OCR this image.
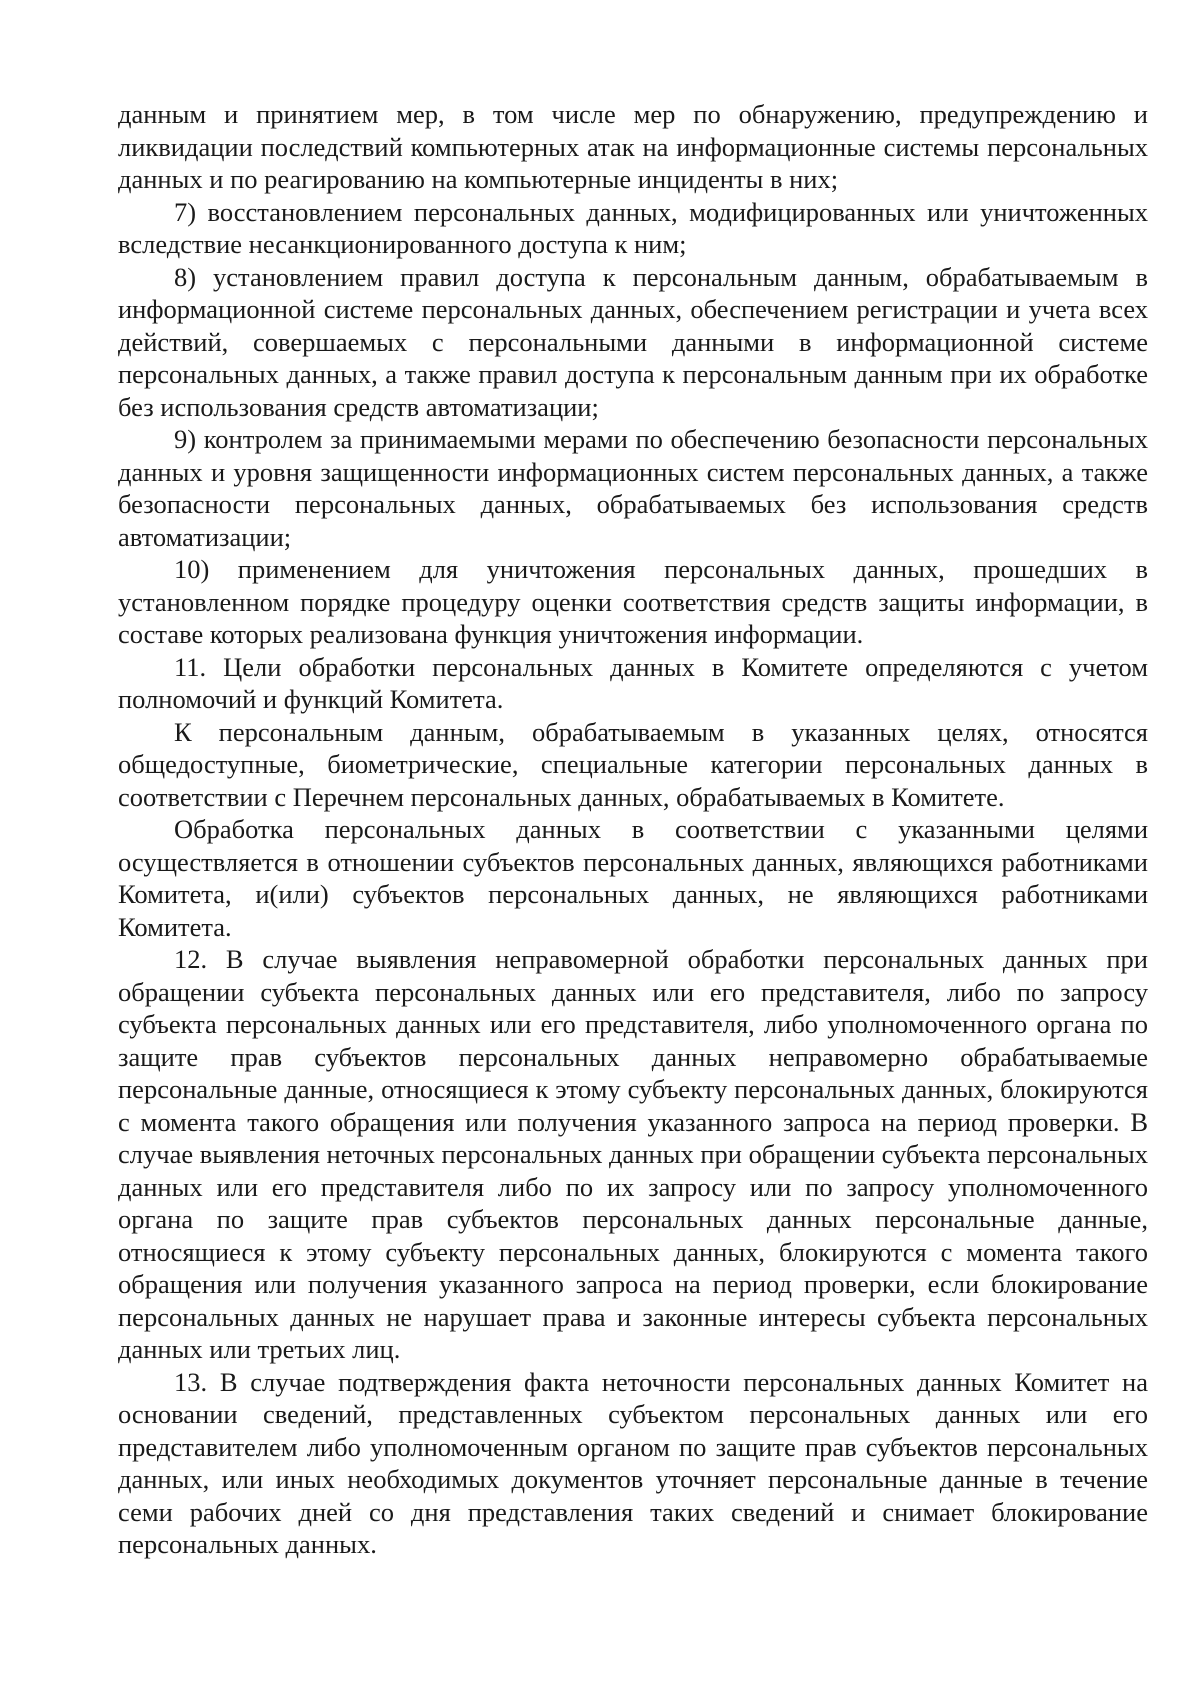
данным и принятием мер, в том числе мер по обнаружению, предупреждению и ликвидации последствий компьютерных атак на информационные системы персональных данных и по реагированию на компьютерные инциденты в них;

7) восстановлением персональных данных, модифицированных или уничтоженных вследствие несанкционированного доступа к ним;

8) установлением правил доступа к персональным данным, обрабатываемым в информационной системе персональных данных, обеспечением регистрации и учета всех действий, совершаемых с персональными данными в информационной системе персональных данных, а также правил доступа к персональным данным при их обработке без использования средств автоматизации;

9) контролем за принимаемыми мерами по обеспечению безопасности персональных данных и уровня защищенности информационных систем персональных данных, а также безопасности персональных данных, обрабатываемых без использования средств автоматизации;

10) применением для уничтожения персональных данных, прошедших в установленном порядке процедуру оценки соответствия средств защиты информации, в составе которых реализована функция уничтожения информации.

11. Цели обработки персональных данных в Комитете определяются с учетом полномочий и функций Комитета.

К персональным данным, обрабатываемым в указанных целях, относятся общедоступные, биометрические, специальные категории персональных данных в соответствии с Перечнем персональных данных, обрабатываемых в Комитете.

Обработка персональных данных в соответствии с указанными целями осуществляется в отношении субъектов персональных данных, являющихся работниками Комитета, и(или) субъектов персональных данных, не являющихся работниками Комитета.

12. В случае выявления неправомерной обработки персональных данных при обращении субъекта персональных данных или его представителя, либо по запросу субъекта персональных данных или его представителя, либо уполномоченного органа по защите прав субъектов персональных данных неправомерно обрабатываемые персональные данные, относящиеся к этому субъекту персональных данных, блокируются с момента такого обращения или получения указанного запроса на период проверки. В случае выявления неточных персональных данных при обращении субъекта персональных данных или его представителя либо по их запросу или по запросу уполномоченного органа по защите прав субъектов персональных данных персональные данные, относящиеся к этому субъекту персональных данных, блокируются с момента такого обращения или получения указанного запроса на период проверки, если блокирование персональных данных не нарушает права и законные интересы субъекта персональных данных или третьих лиц.

13. В случае подтверждения факта неточности персональных данных Комитет на основании сведений, представленных субъектом персональных данных или его представителем либо уполномоченным органом по защите прав субъектов персональных данных, или иных необходимых документов уточняет персональные данные в течение семи рабочих дней со дня представления таких сведений и снимает блокирование персональных данных.
